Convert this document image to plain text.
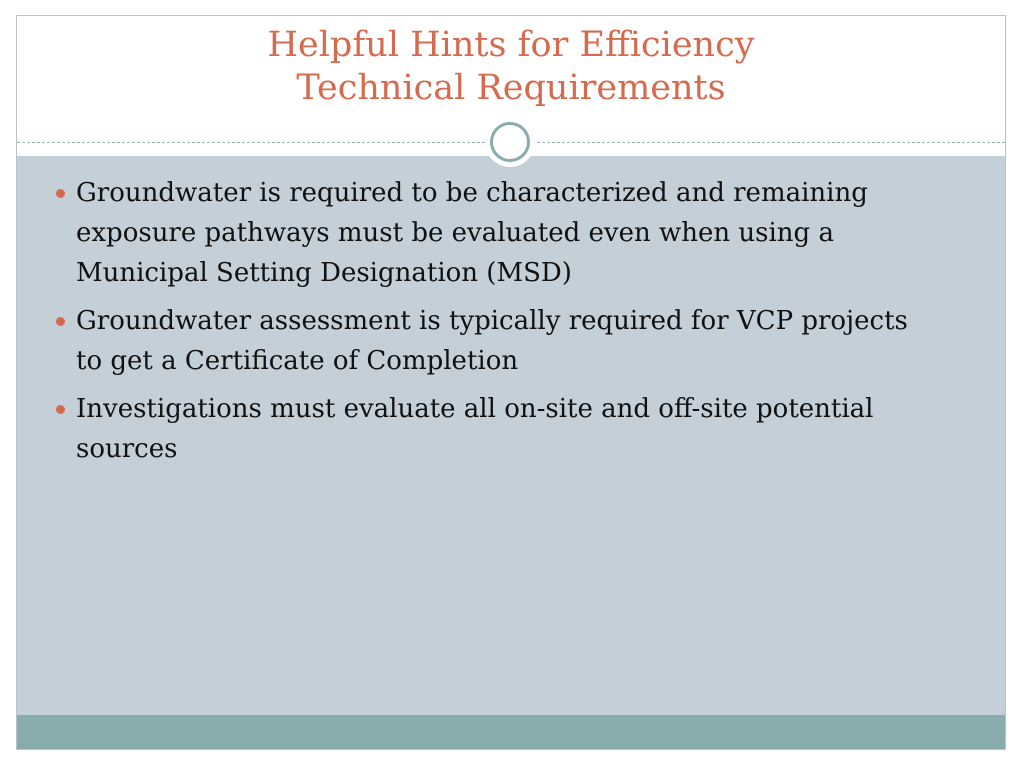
Helpful Hints for Efficiency
Technical Requirements
Groundwater is required to be characterized and remaining exposure pathways must be evaluated even when using a Municipal Setting Designation (MSD)
Groundwater assessment is typically required for VCP projects to get a Certificate of Completion
Investigations must evaluate all on-site and off-site potential sources
